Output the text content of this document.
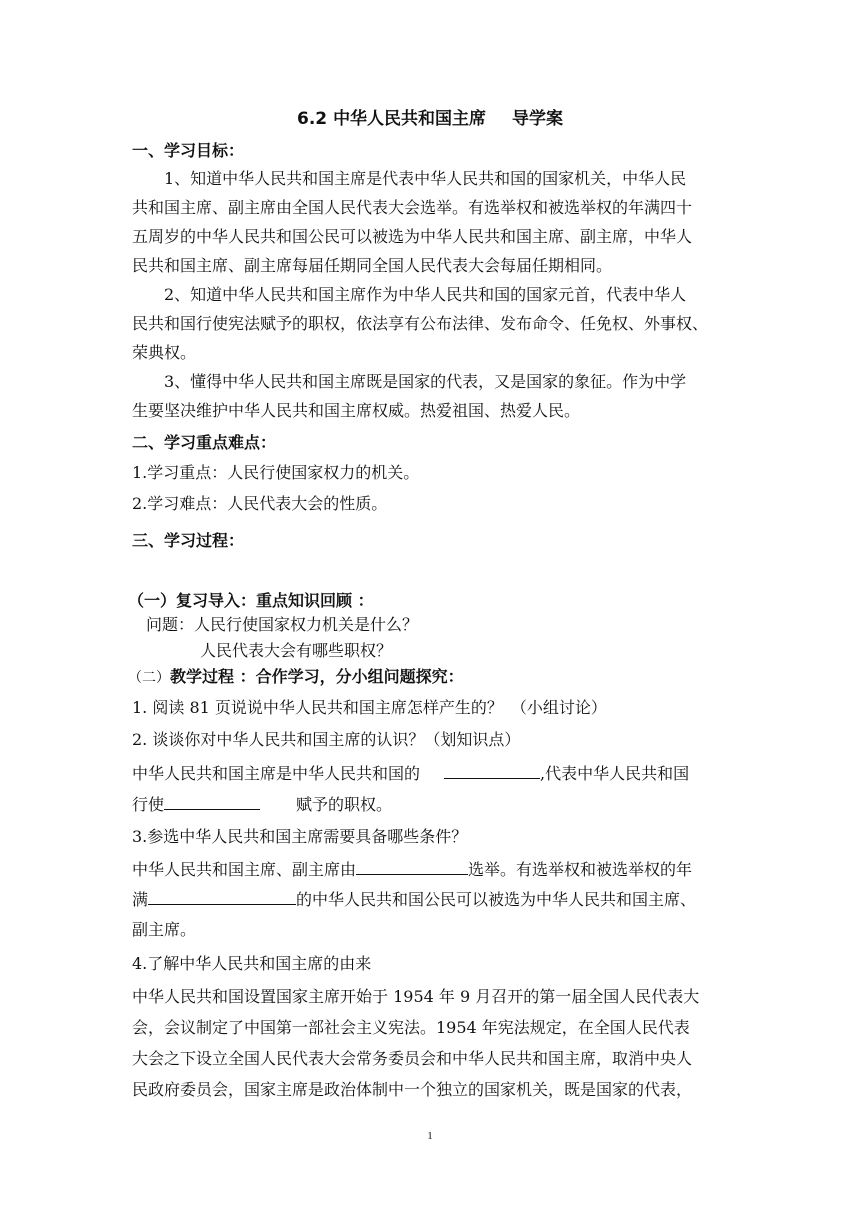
6.2 中华人民共和国主席 导学案
一、学习目标：
1、知道中华人民共和国主席是代表中华人民共和国的国家机关，中华人民
共和国主席、副主席由全国人民代表大会选举。有选举权和被选举权的年满四十
五周岁的中华人民共和国公民可以被选为中华人民共和国主席、副主席，中华人
民共和国主席、副主席每届任期同全国人民代表大会每届任期相同。
2、知道中华人民共和国主席作为中华人民共和国的国家元首，代表中华人
民共和国行使宪法赋予的职权，依法享有公布法律、发布命令、任免权、外事权、
荣典权。
3、懂得中华人民共和国主席既是国家的代表，又是国家的象征。作为中学
生要坚决维护中华人民共和国主席权威。热爱祖国、热爱人民。
二、学习重点难点：
1.学习重点：人民行使国家权力的机关。
2.学习难点：人民代表大会的性质。
三、学习过程：
（一）复习导入：重点知识回顾 ：
问题：人民行使国家权力机关是什么？
人民代表大会有哪些职权？
（二）教学过程 ：合作学习，分小组问题探究：
1. 阅读 81 页说说中华人民共和国主席怎样产生的？　（小组讨论）
2. 谈谈你对中华人民共和国主席的认识？（划知识点）
中华人民共和国主席是中华人民共和国的	,代表中华人民共和国
行使	赋予的职权。
3.参选中华人民共和国主席需要具备哪些条件？
中华人民共和国主席、副主席由	选举。有选举权和被选举权的年
满	的中华人民共和国公民可以被选为中华人民共和国主席、
副主席。
4.了解中华人民共和国主席的由来
中华人民共和国设置国家主席开始于 1954 年 9 月召开的第一届全国人民代表大
会，会议制定了中国第一部社会主义宪法。1954 年宪法规定，在全国人民代表
大会之下设立全国人民代表大会常务委员会和中华人民共和国主席，取消中央人
民政府委员会，国家主席是政治体制中一个独立的国家机关，既是国家的代表，
1
